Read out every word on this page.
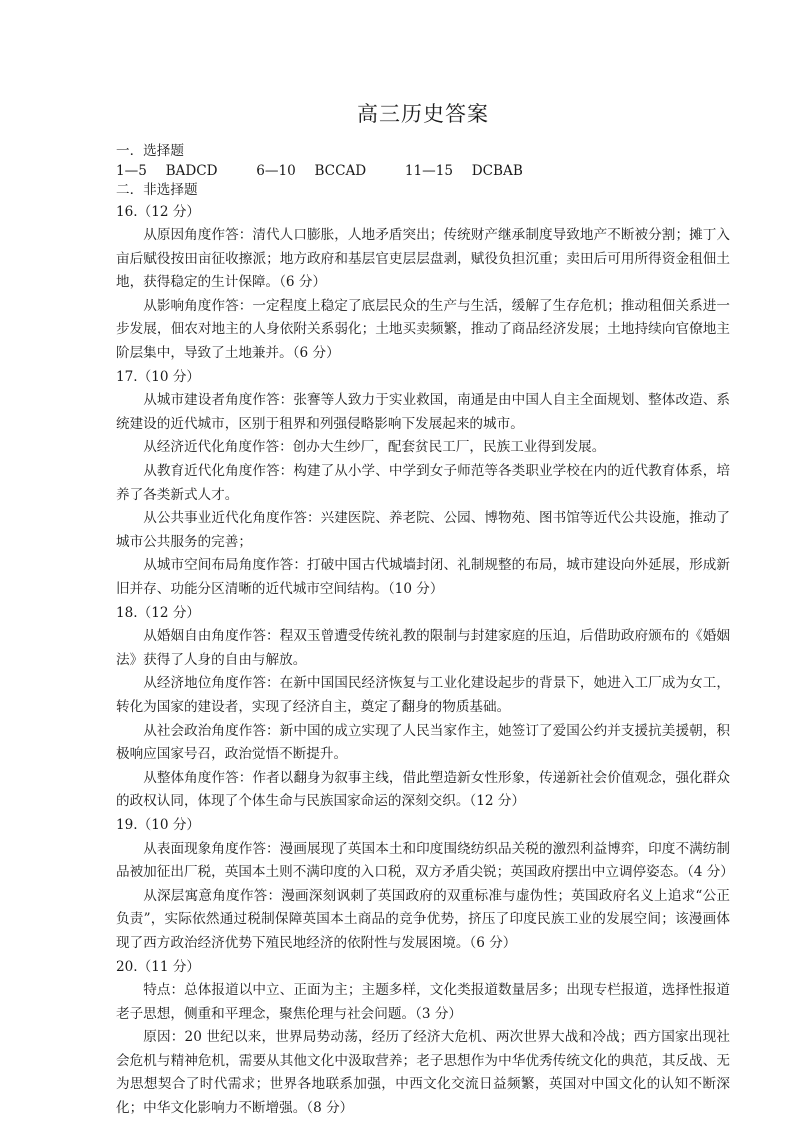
高三历史答案
一．选择题
1—5 BADCD	6—10 BCCAD	11—15 DCBAB
二．非选择题

16.（12 分）

从原因角度作答：清代人口膨胀，人地矛盾突出；传统财产继承制度导致地产不断被分割；摊丁入亩后赋役按田亩征收擦派；地方政府和基层官吏层层盘剥，赋役负担沉重；卖田后可用所得资金租佃土地，获得稳定的生计保障。（6 分）

从影响角度作答：一定程度上稳定了底层民众的生产与生活，缓解了生存危机；推动租佃关系进一步发展，佃农对地主的人身依附关系弱化；土地买卖频繁，推动了商品经济发展；土地持续向官僚地主阶层集中，导致了土地兼并。（6 分）

17.（10 分）

从城市建设者角度作答：张謇等人致力于实业救国，南通是由中国人自主全面规划、整体改造、系统建设的近代城市，区别于租界和列强侵略影响下发展起来的城市。

从经济近代化角度作答：创办大生纱厂，配套贫民工厂，民族工业得到发展。

从教育近代化角度作答：构建了从小学、中学到女子师范等各类职业学校在内的近代教育体系，培养了各类新式人才。

从公共事业近代化角度作答：兴建医院、养老院、公园、博物苑、图书馆等近代公共设施，推动了城市公共服务的完善；

从城市空间布局角度作答：打破中国古代城墙封闭、礼制规整的布局，城市建设向外延展，形成新旧并存、功能分区清晰的近代城市空间结构。（10 分）

18.（12 分）

从婚姻自由角度作答：程双玉曾遭受传统礼教的限制与封建家庭的压迫，后借助政府颁布的《婚姻法》获得了人身的自由与解放。

从经济地位角度作答：在新中国国民经济恢复与工业化建设起步的背景下，她进入工厂成为女工，转化为国家的建设者，实现了经济自主，奠定了翻身的物质基础。

从社会政治角度作答：新中国的成立实现了人民当家作主，她签订了爱国公约并支援抗美援朝，积极响应国家号召，政治觉悟不断提升。

从整体角度作答：作者以翻身为叙事主线，借此塑造新女性形象，传递新社会价值观念，强化群众的政权认同，体现了个体生命与民族国家命运的深刻交织。（12 分）

19.（10 分）

从表面现象角度作答：漫画展现了英国本土和印度围绕纺织品关税的激烈利益博弈，印度不满纺制品被加征出厂税，英国本土则不满印度的入口税，双方矛盾尖锐；英国政府摆出中立调停姿态。（4 分）

从深层寓意角度作答：漫画深刻讽刺了英国政府的双重标准与虚伪性；英国政府名义上追求“公正负责”，实际依然通过税制保障英国本土商品的竞争优势，挤压了印度民族工业的发展空间；该漫画体现了西方政治经济优势下殖民地经济的依附性与发展困境。（6 分）

20.（11 分）

特点：总体报道以中立、正面为主；主题多样，文化类报道数量居多；出现专栏报道，选择性报道老子思想，侧重和平理念，聚焦伦理与社会问题。（3 分）

原因：20 世纪以来，世界局势动荡，经历了经济大危机、两次世界大战和冷战；西方国家出现社会危机与精神危机，需要从其他文化中汲取营养；老子思想作为中华优秀传统文化的典范，其反战、无为思想契合了时代需求；世界各地联系加强，中西文化交流日益频繁，英国对中国文化的认知不断深化；中华文化影响力不断增强。（8 分）
